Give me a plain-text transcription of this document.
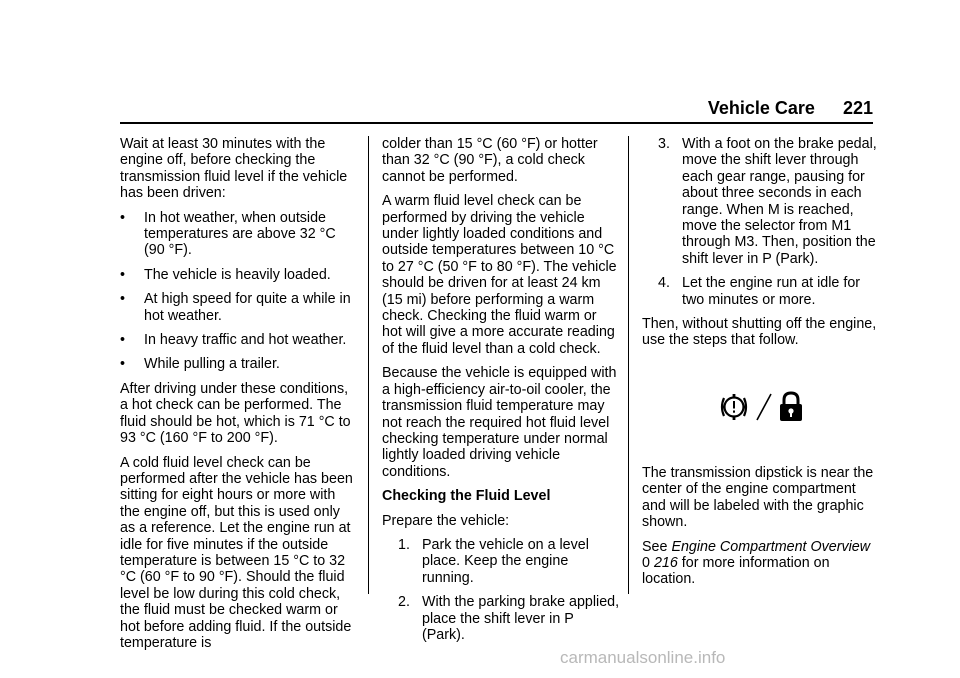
Vehicle Care 221

Wait at least 30 minutes with the engine off, before checking the transmission fluid level if the vehicle has been driven:

•	In hot weather, when outside temperatures are above 32 °C (90 °F).
•	The vehicle is heavily loaded.
•	At high speed for quite a while in hot weather.
•	In heavy traffic and hot weather.
•	While pulling a trailer.

After driving under these conditions, a hot check can be performed. The fluid should be hot, which is 71 °C to 93 °C (160 °F to 200 °F).

A cold fluid level check can be performed after the vehicle has been sitting for eight hours or more with the engine off, but this is used only as a reference. Let the engine run at idle for five minutes if the outside temperature is between 15 °C to 32 °C (60 °F to 90 °F). Should the fluid level be low during this cold check, the fluid must be checked warm or hot before adding fluid. If the outside temperature is

colder than 15 °C (60 °F) or hotter than 32 °C (90 °F), a cold check cannot be performed.

A warm fluid level check can be performed by driving the vehicle under lightly loaded conditions and outside temperatures between 10 °C to 27 °C (50 °F to 80 °F). The vehicle should be driven for at least 24 km (15 mi) before performing a warm check. Checking the fluid warm or hot will give a more accurate reading of the fluid level than a cold check.

Because the vehicle is equipped with a high-efficiency air-to-oil cooler, the transmission fluid temperature may not reach the required hot fluid level checking temperature under normal lightly loaded driving vehicle conditions.

Checking the Fluid Level

Prepare the vehicle:

1. Park the vehicle on a level place. Keep the engine running.
2. With the parking brake applied, place the shift lever in P (Park).
3. With a foot on the brake pedal, move the shift lever through each gear range, pausing for about three seconds in each range. When M is reached, move the selector from M1 through M3. Then, position the shift lever in P (Park).
4. Let the engine run at idle for two minutes or more.

Then, without shutting off the engine, use the steps that follow.

The transmission dipstick is near the center of the engine compartment and will be labeled with the graphic shown.

See Engine Compartment Overview
0 216 for more information on location.

carmanualsonline.info
